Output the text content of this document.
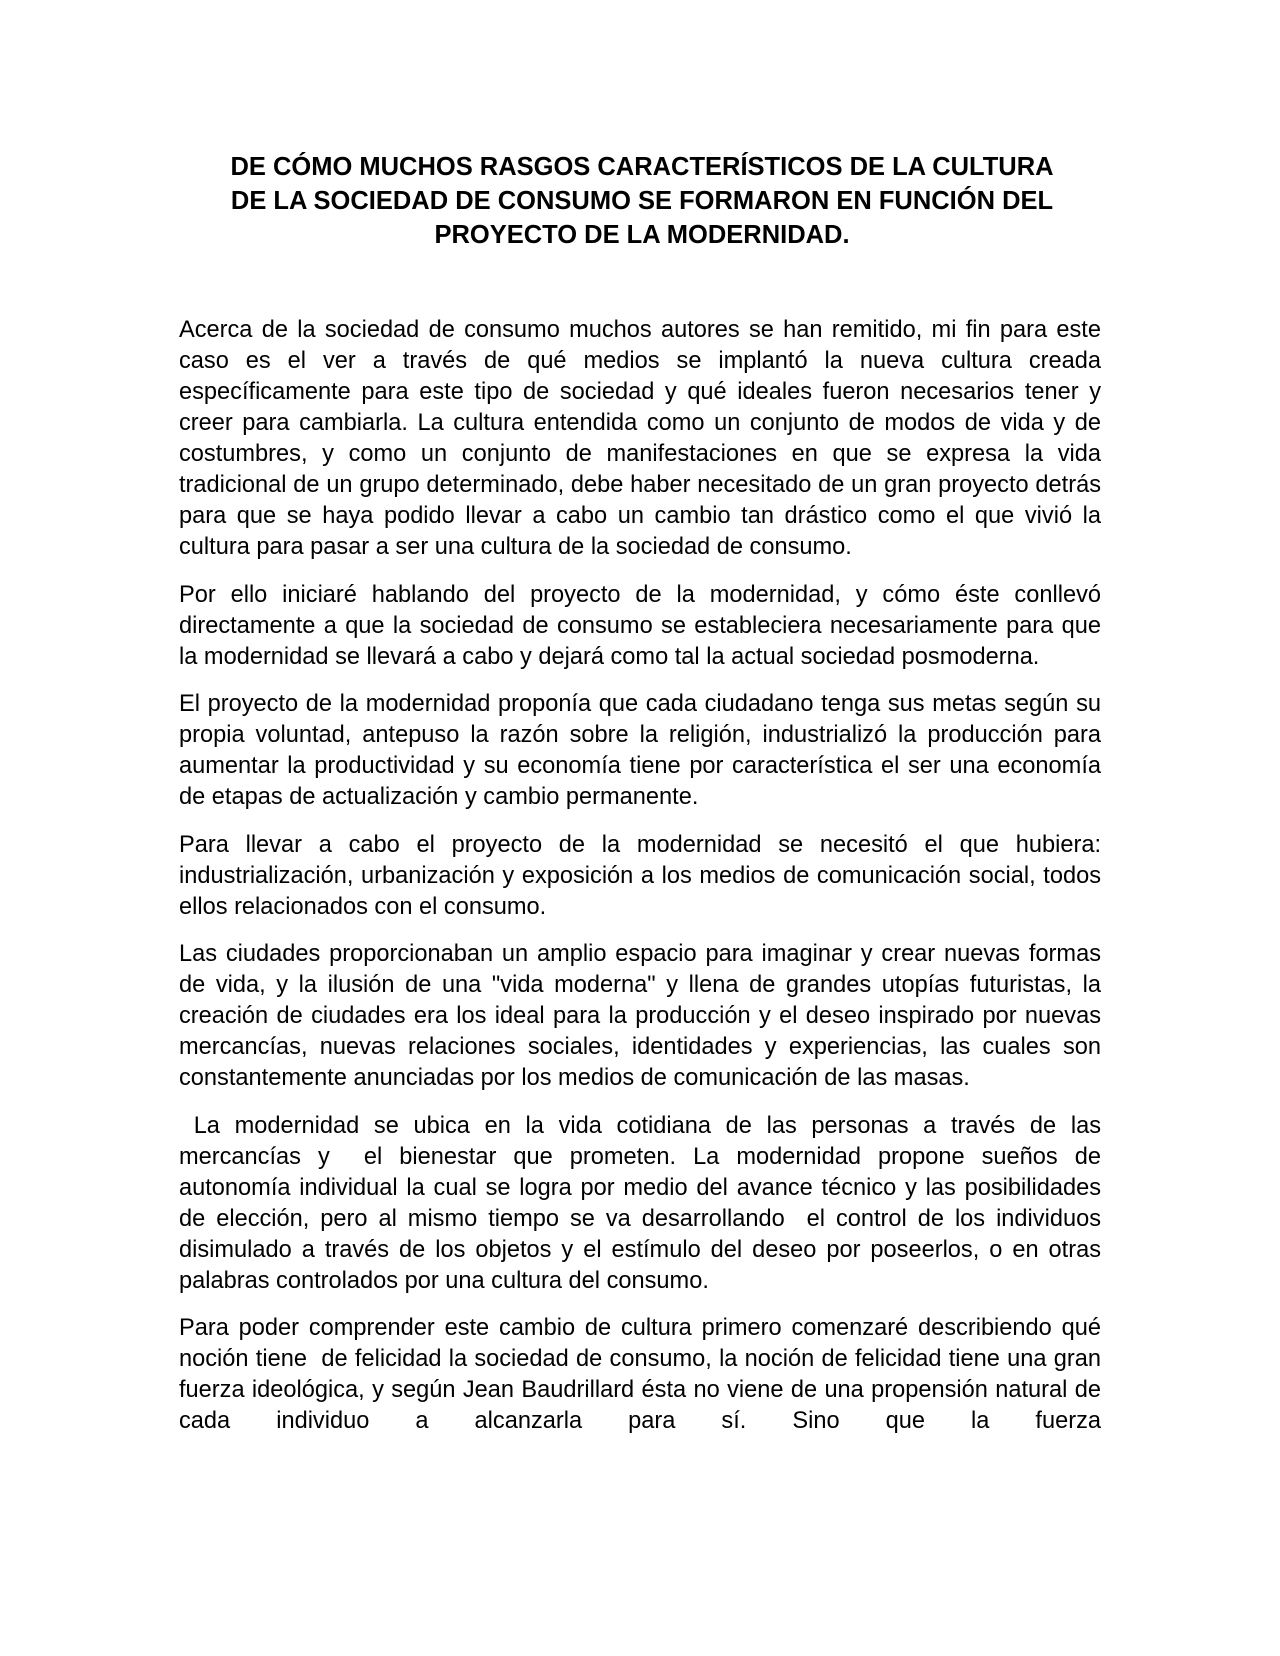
DE CÓMO MUCHOS RASGOS CARACTERÍSTICOS DE LA CULTURA
DE LA SOCIEDAD DE CONSUMO SE FORMARON EN FUNCIÓN DEL
PROYECTO DE LA MODERNIDAD.

Acerca de la sociedad de consumo muchos autores se han remitido, mi fin para este caso es el ver a través de qué medios se implantó la nueva cultura creada específicamente para este tipo de sociedad y qué ideales fueron necesarios tener y creer para cambiarla. La cultura entendida como un conjunto de modos de vida y de costumbres, y como un conjunto de manifestaciones en que se expresa la vida tradicional de un grupo determinado, debe haber necesitado de un gran proyecto detrás para que se haya podido llevar a cabo un cambio tan drástico como el que vivió la cultura para pasar a ser una cultura de la sociedad de consumo.

Por ello iniciaré hablando del proyecto de la modernidad, y cómo éste conllevó directamente a que la sociedad de consumo se estableciera necesariamente para que la modernidad se llevará a cabo y dejará como tal la actual sociedad posmoderna.

El proyecto de la modernidad proponía que cada ciudadano tenga sus metas según su propia voluntad, antepuso la razón sobre la religión, industrializó la producción para aumentar la productividad y su economía tiene por característica el ser una economía de etapas de actualización y cambio permanente.

Para llevar a cabo el proyecto de la modernidad se necesitó el que hubiera: industrialización, urbanización y exposición a los medios de comunicación social, todos ellos relacionados con el consumo.

Las ciudades proporcionaban un amplio espacio para imaginar y crear nuevas formas de vida, y la ilusión de una "vida moderna" y llena de grandes utopías futuristas, la creación de ciudades era los ideal para la producción y el deseo inspirado por nuevas mercancías, nuevas relaciones sociales, identidades y experiencias, las cuales son constantemente anunciadas por los medios de comunicación de las masas.

La modernidad se ubica en la vida cotidiana de las personas a través de las mercancías y  el bienestar que prometen. La modernidad propone sueños de autonomía individual la cual se logra por medio del avance técnico y las posibilidades de elección, pero al mismo tiempo se va desarrollando  el control de los individuos  disimulado a través de los objetos y el estímulo del deseo por poseerlos, o en otras palabras controlados por una cultura del consumo.

Para poder comprender este cambio de cultura primero comenzaré describiendo qué noción tiene  de felicidad la sociedad de consumo, la noción de felicidad tiene una gran fuerza ideológica, y según Jean Baudrillard ésta no viene de una propensión natural de cada individuo a alcanzarla para sí. Sino que la fuerza
